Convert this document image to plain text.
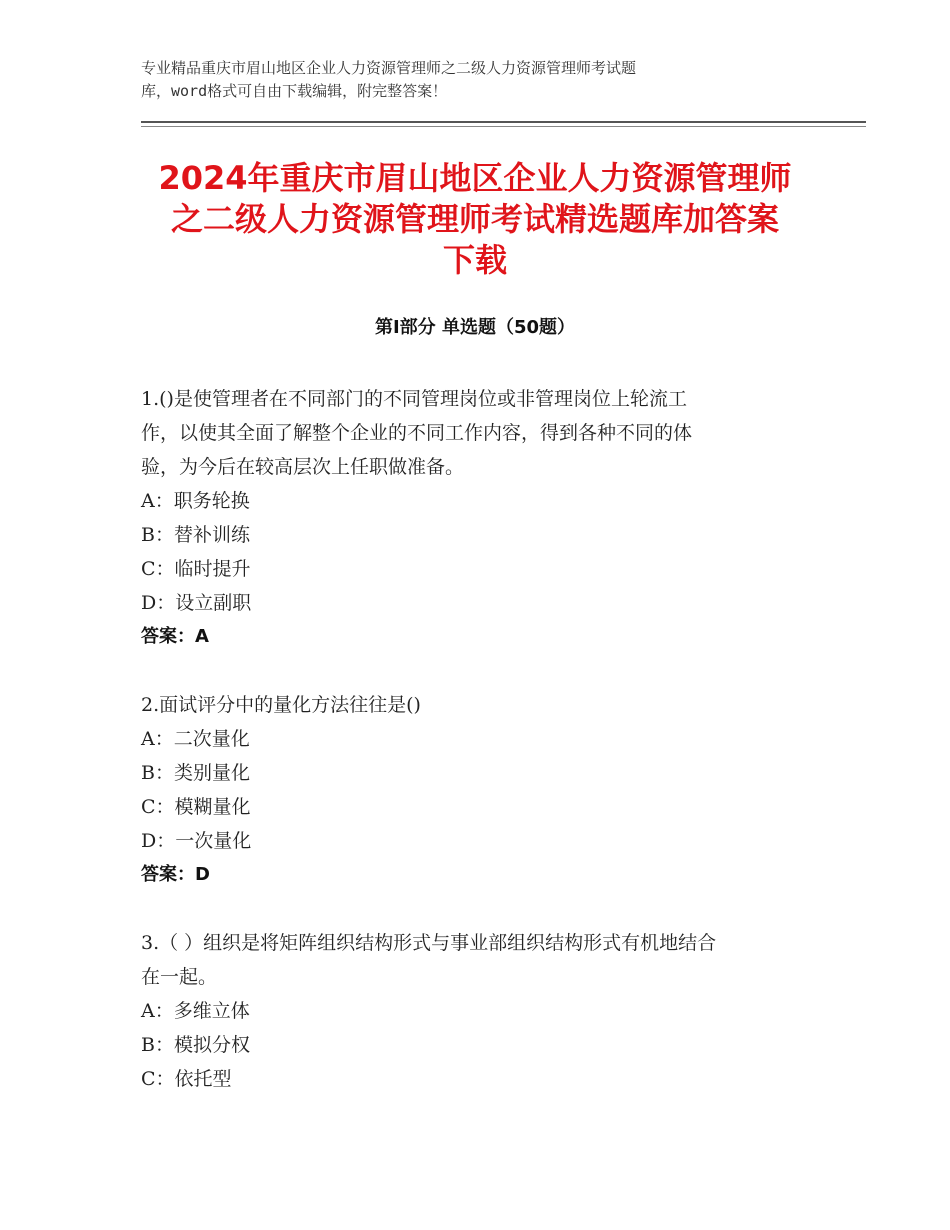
专业精品重庆市眉山地区企业人力资源管理师之二级人力资源管理师考试题
库，word格式可自由下载编辑，附完整答案！
2024年重庆市眉山地区企业人力资源管理师
之二级人力资源管理师考试精选题库加答案
下载
第Ⅰ部分 单选题（50题）
1.()是使管理者在不同部门的不同管理岗位或非管理岗位上轮流工
作，以使其全面了解整个企业的不同工作内容，得到各种不同的体
验，为今后在较高层次上任职做准备。
A：职务轮换
B：替补训练
C：临时提升
D：设立副职
答案：A
2.面试评分中的量化方法往往是()
A：二次量化
B：类别量化
C：模糊量化
D：一次量化
答案：D
3.（ ）组织是将矩阵组织结构形式与事业部组织结构形式有机地结合
在一起。
A：多维立体
B：模拟分权
C：依托型
